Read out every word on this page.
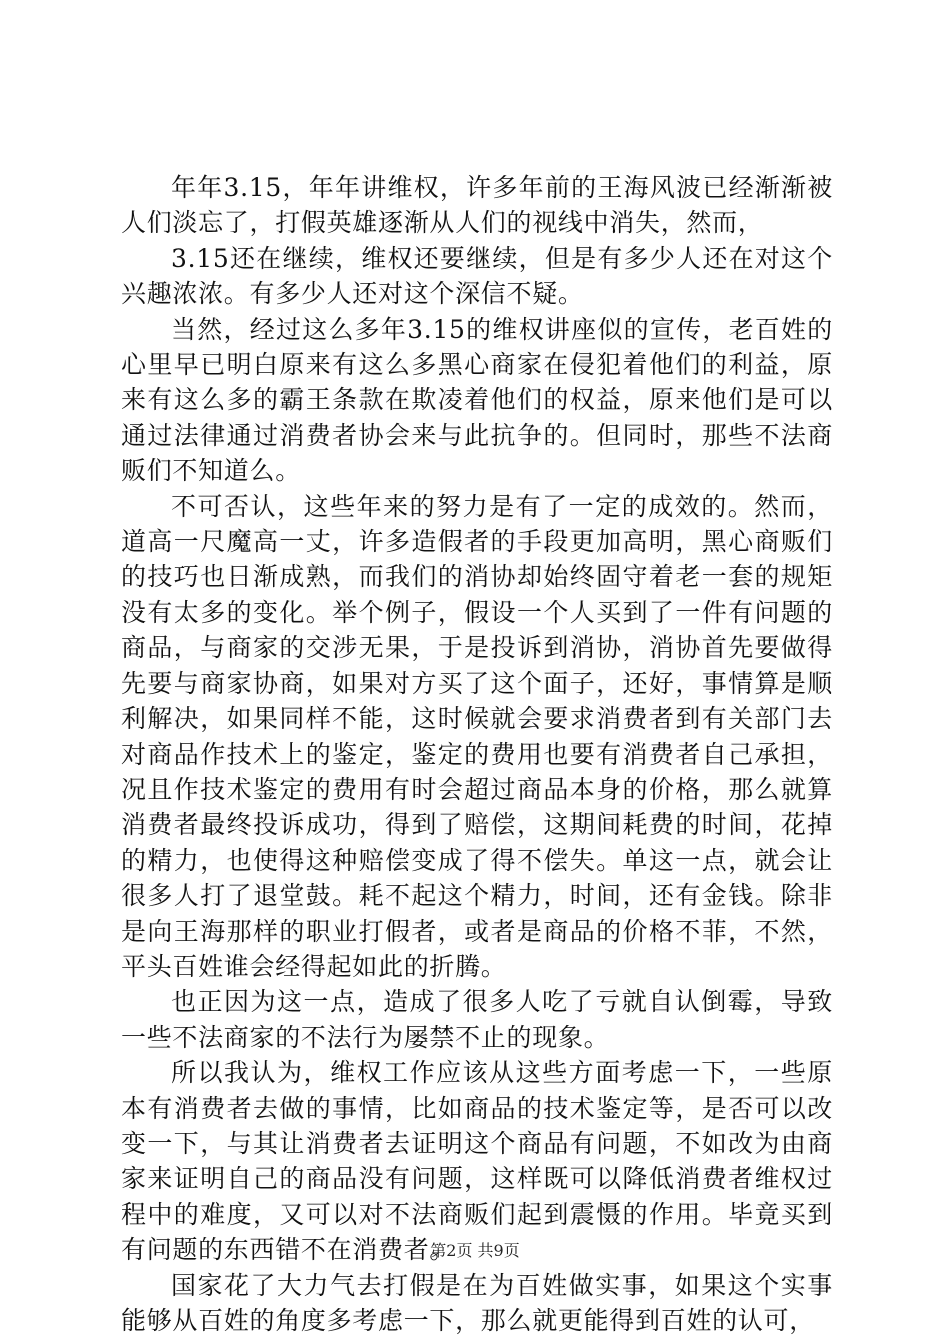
年年3.15，年年讲维权，许多年前的王海风波已经渐渐被人们淡忘了，打假英雄逐渐从人们的视线中消失，然而，

3.15还在继续，维权还要继续，但是有多少人还在对这个兴趣浓浓。有多少人还对这个深信不疑。

当然，经过这么多年3.15的维权讲座似的宣传，老百姓的心里早已明白原来有这么多黑心商家在侵犯着他们的利益，原来有这么多的霸王条款在欺凌着他们的权益，原来他们是可以通过法律通过消费者协会来与此抗争的。但同时，那些不法商贩们不知道么。

不可否认，这些年来的努力是有了一定的成效的。然而，道高一尺魔高一丈，许多造假者的手段更加高明，黑心商贩们的技巧也日渐成熟，而我们的消协却始终固守着老一套的规矩没有太多的变化。举个例子，假设一个人买到了一件有问题的商品，与商家的交涉无果，于是投诉到消协，消协首先要做得先要与商家协商，如果对方买了这个面子，还好，事情算是顺利解决，如果同样不能，这时候就会要求消费者到有关部门去对商品作技术上的鉴定，鉴定的费用也要有消费者自己承担，况且作技术鉴定的费用有时会超过商品本身的价格，那么就算消费者最终投诉成功，得到了赔偿，这期间耗费的时间，花掉的精力，也使得这种赔偿变成了得不偿失。单这一点，就会让很多人打了退堂鼓。耗不起这个精力，时间，还有金钱。除非是向王海那样的职业打假者，或者是商品的价格不菲，不然，平头百姓谁会经得起如此的折腾。

也正因为这一点，造成了很多人吃了亏就自认倒霉，导致一些不法商家的不法行为屡禁不止的现象。

所以我认为，维权工作应该从这些方面考虑一下，一些原本有消费者去做的事情，比如商品的技术鉴定等，是否可以改变一下，与其让消费者去证明这个商品有问题，不如改为由商家来证明自己的商品没有问题，这样既可以降低消费者维权过程中的难度，又可以对不法商贩们起到震慑的作用。毕竟买到有问题的东西错不在消费者。

国家花了大力气去打假是在为百姓做实事，如果这个实事能够从百姓的角度多考虑一下，那么就更能得到百姓的认可，

第2页 共9页
